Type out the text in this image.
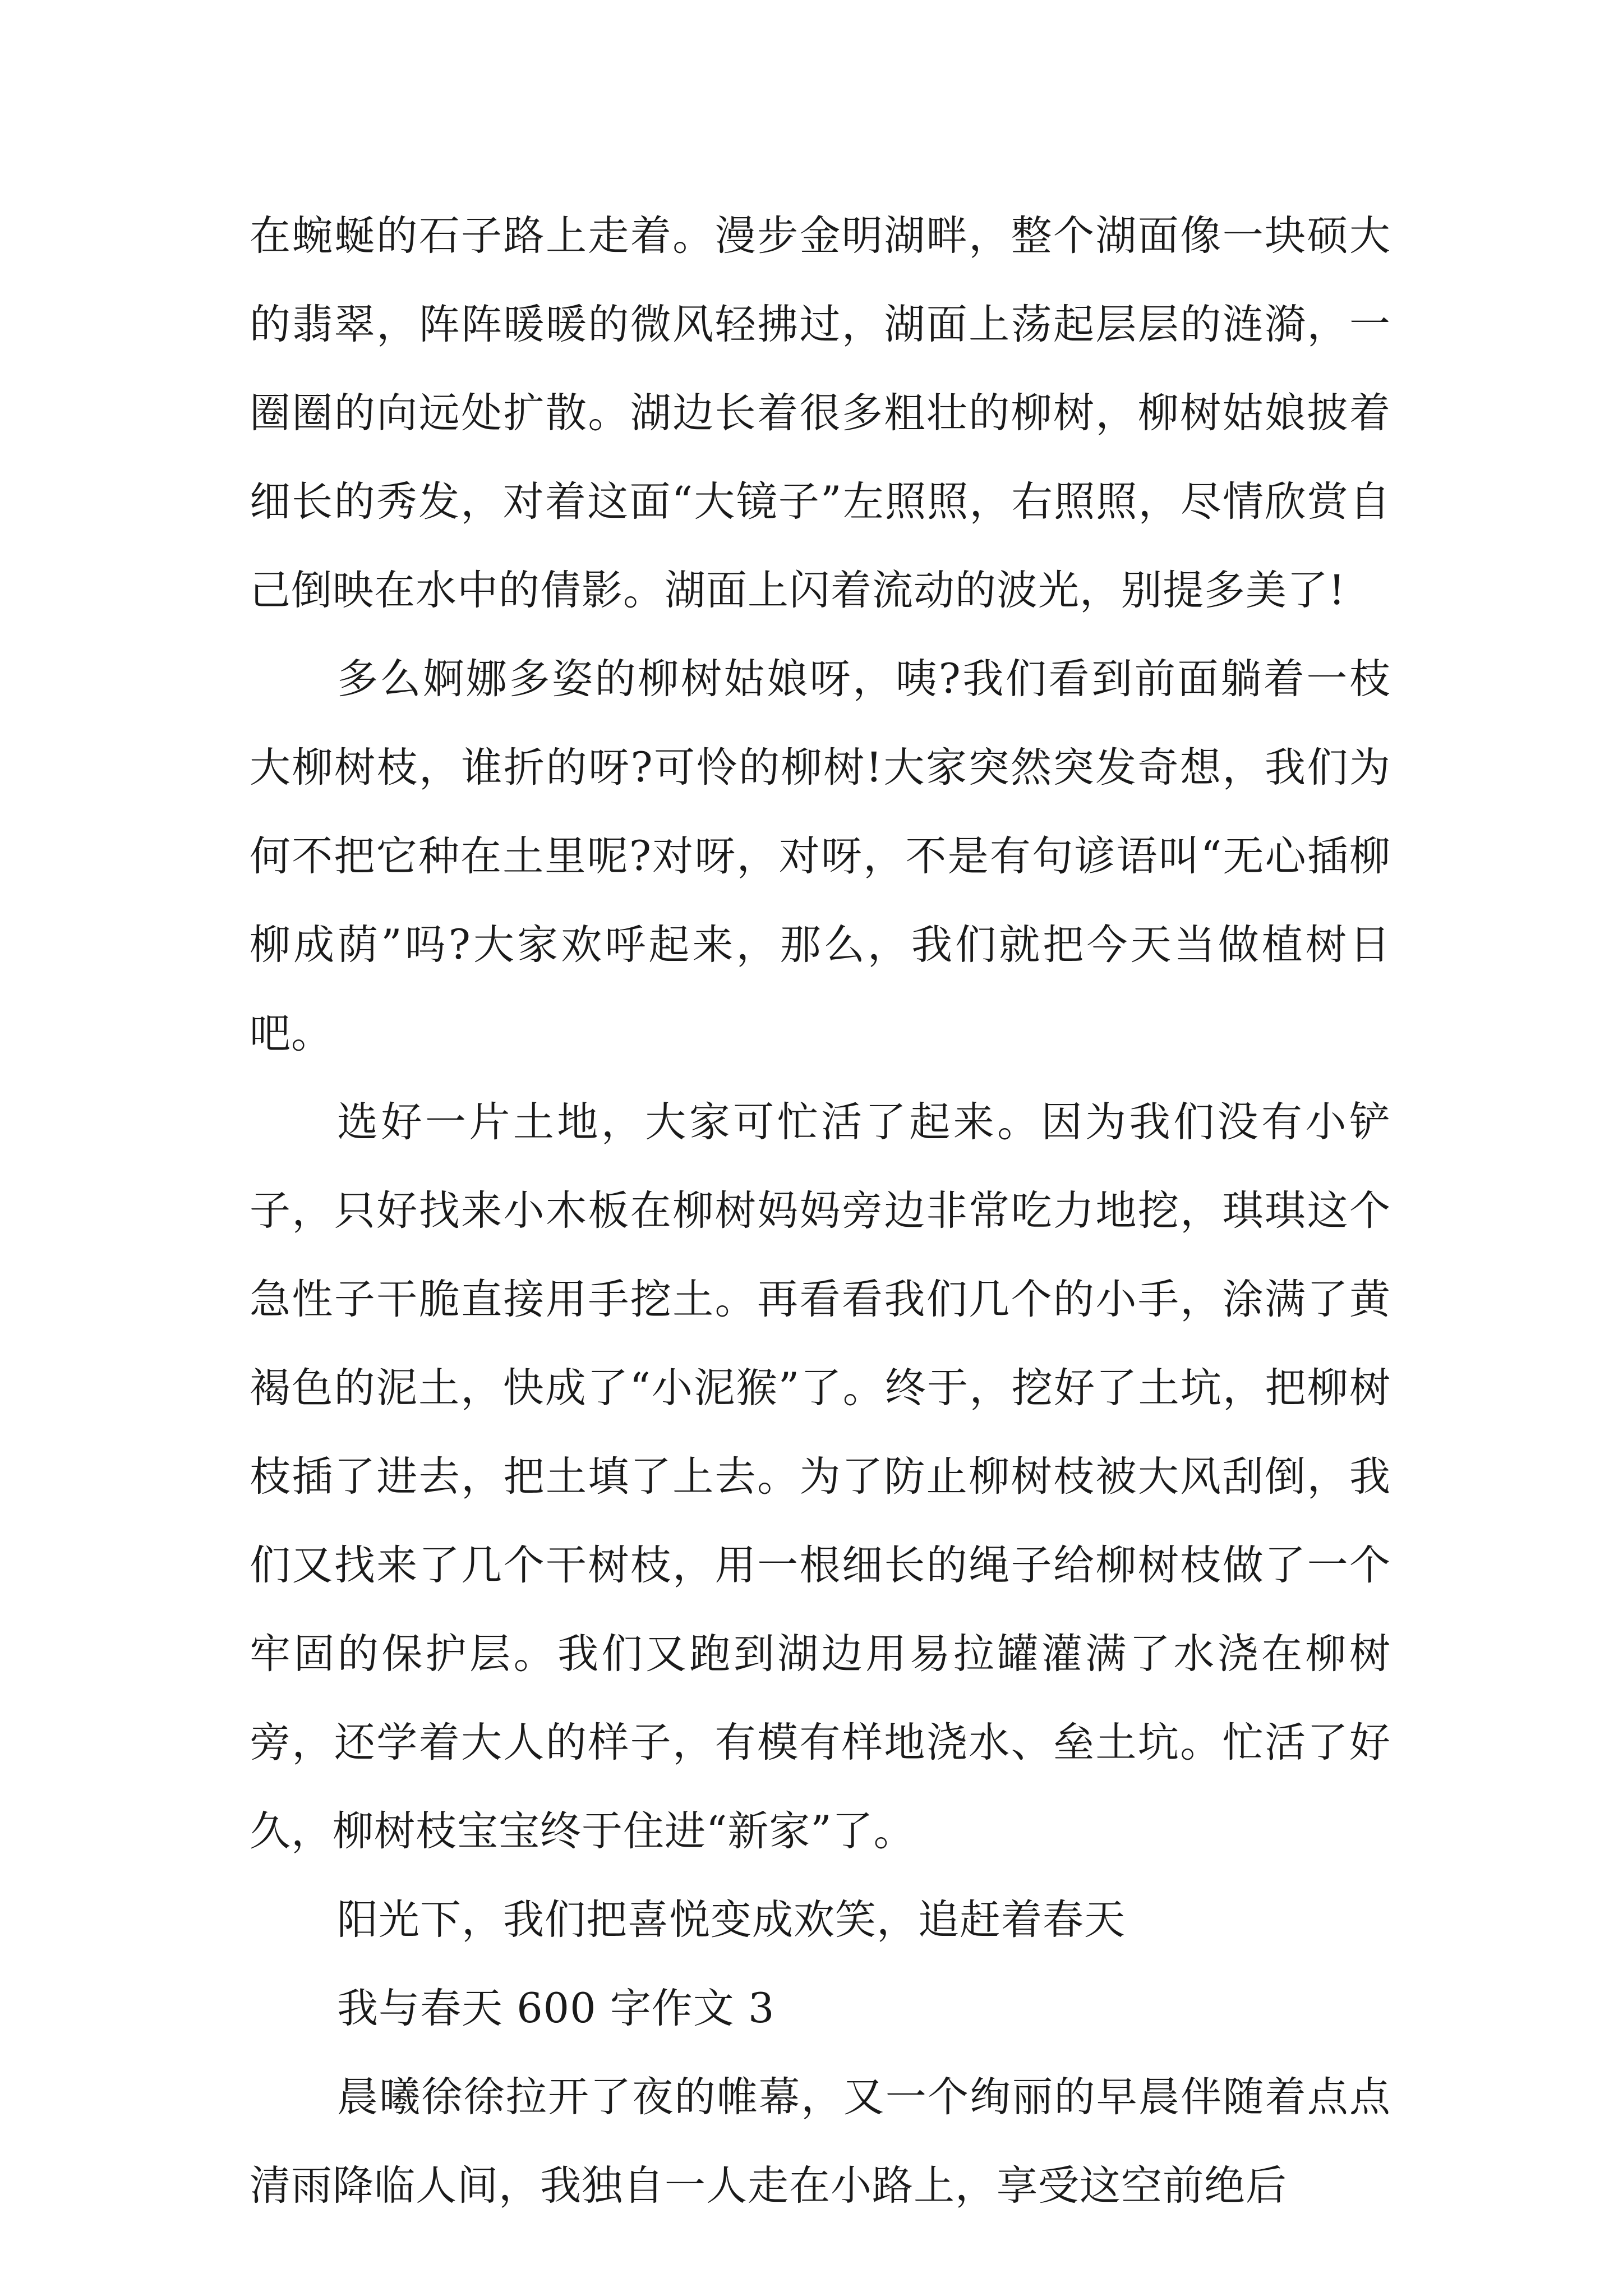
在蜿蜒的石子路上走着。漫步金明湖畔，整个湖面像一块硕大的翡翠，阵阵暖暖的微风轻拂过，湖面上荡起层层的涟漪，一圈圈的向远处扩散。湖边长着很多粗壮的柳树，柳树姑娘披着细长的秀发，对着这面“大镜子”左照照，右照照，尽情欣赏自己倒映在水中的倩影。湖面上闪着流动的波光，别提多美了!

多么婀娜多姿的柳树姑娘呀，咦?我们看到前面躺着一枝大柳树枝，谁折的呀?可怜的柳树!大家突然突发奇想，我们为何不把它种在土里呢?对呀，对呀，不是有句谚语叫“无心插柳柳成荫”吗?大家欢呼起来，那么，我们就把今天当做植树日吧。

选好一片土地，大家可忙活了起来。因为我们没有小铲子，只好找来小木板在柳树妈妈旁边非常吃力地挖，琪琪这个急性子干脆直接用手挖土。再看看我们几个的小手，涂满了黄褐色的泥土，快成了“小泥猴”了。终于，挖好了土坑，把柳树枝插了进去，把土填了上去。为了防止柳树枝被大风刮倒，我们又找来了几个干树枝，用一根细长的绳子给柳树枝做了一个牢固的保护层。我们又跑到湖边用易拉罐灌满了水浇在柳树旁，还学着大人的样子，有模有样地浇水、垒土坑。忙活了好久，柳树枝宝宝终于住进“新家”了。

阳光下，我们把喜悦变成欢笑，追赶着春天

我与春天 600 字作文 3

晨曦徐徐拉开了夜的帷幕，又一个绚丽的早晨伴随着点点清雨降临人间，我独自一人走在小路上，享受这空前绝后
